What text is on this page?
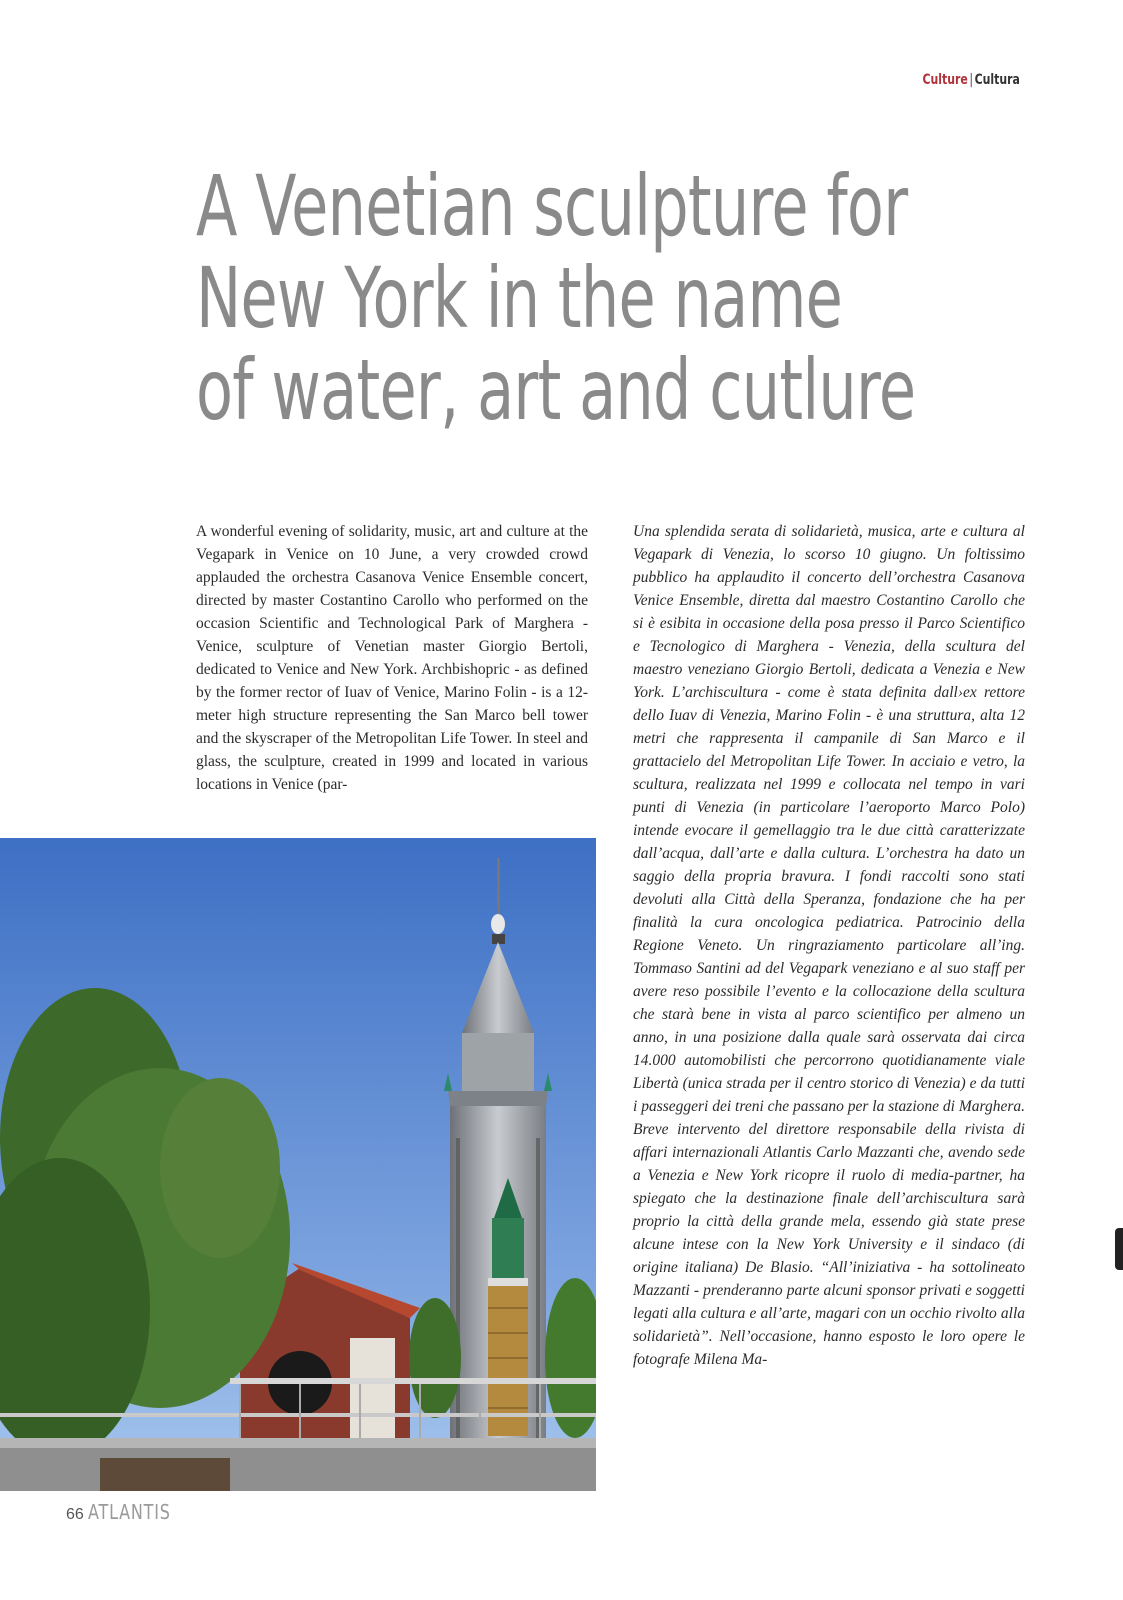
Culture | Cultura
A Venetian sculpture for
New York in the name
of water, art and cutlure

A wonderful evening of solidarity, music, art and culture at the Vegapark in Venice on 10 June, a very crowded crowd applauded the orchestra Casanova Venice Ensemble concert, directed by master Costantino Carollo who performed on the occasion Scientific and Technological Park of Marghera - Venice, sculpture of Venetian master Giorgio Bertoli, dedicated to Venice and New York. Archbishopric - as defined by the former rector of Iuav of Venice, Marino Folin - is a 12-meter high structure representing the San Marco bell tower and the skyscraper of the Metropolitan Life Tower. In steel and glass, the sculpture, created in 1999 and located in various locations in Venice (par-

Una splendida serata di solidarietà, musica, arte e cultura al Vegapark di Venezia, lo scorso 10 giugno. Un foltissimo pubblico ha applaudito il concerto dell’orchestra Casanova Venice Ensemble, diretta dal maestro Costantino Carollo che si è esibita in occasione della posa presso il Parco Scientifico e Tecnologico di Marghera - Venezia, della scultura del maestro veneziano Giorgio Bertoli, dedicata a Venezia e New York. L’archiscultura - come è stata definita dall›ex rettore dello Iuav di Venezia, Marino Folin - è una struttura, alta 12 metri che rappresenta il campanile di San Marco e il grattacielo del Metropolitan Life Tower. In acciaio e vetro, la scultura, realizzata nel 1999 e collocata nel tempo in vari punti di Venezia (in particolare l’aeroporto Marco Polo) intende evocare il gemellaggio tra le due città caratterizzate dall’acqua, dall’arte e dalla cultura. L’orchestra ha dato un saggio della propria bravura. I fondi raccolti sono stati devoluti alla Città della Speranza, fondazione che ha per finalità la cura oncologica pediatrica. Patrocinio della Regione Veneto. Un ringraziamento particolare all’ing. Tommaso Santini ad del Vegapark veneziano e al suo staff per avere reso possibile l’evento e la collocazione della scultura che starà bene in vista al parco scientifico per almeno un anno, in una posizione dalla quale sarà osservata dai circa 14.000 automobilisti che percorrono quotidianamente viale Libertà (unica strada per il centro storico di Venezia) e da tutti i passeggeri dei treni che passano per la stazione di Marghera. Breve intervento del direttore responsabile della rivista di affari internazionali Atlantis Carlo Mazzanti che, avendo sede a Venezia e New York ricopre il ruolo di media-partner, ha spiegato che la destinazione finale dell’archiscultura sarà proprio la città della grande mela, essendo già state prese alcune intese con la New York University e il sindaco (di origine italiana) De Blasio. “All’iniziativa - ha sottolineato Mazzanti - prenderanno parte alcuni sponsor privati e soggetti legati alla cultura e all’arte, magari con un occhio rivolto alla solidarietà”. Nell’occasione, hanno esposto le loro opere le fotografe Milena Ma-

66 ATLANTIS
